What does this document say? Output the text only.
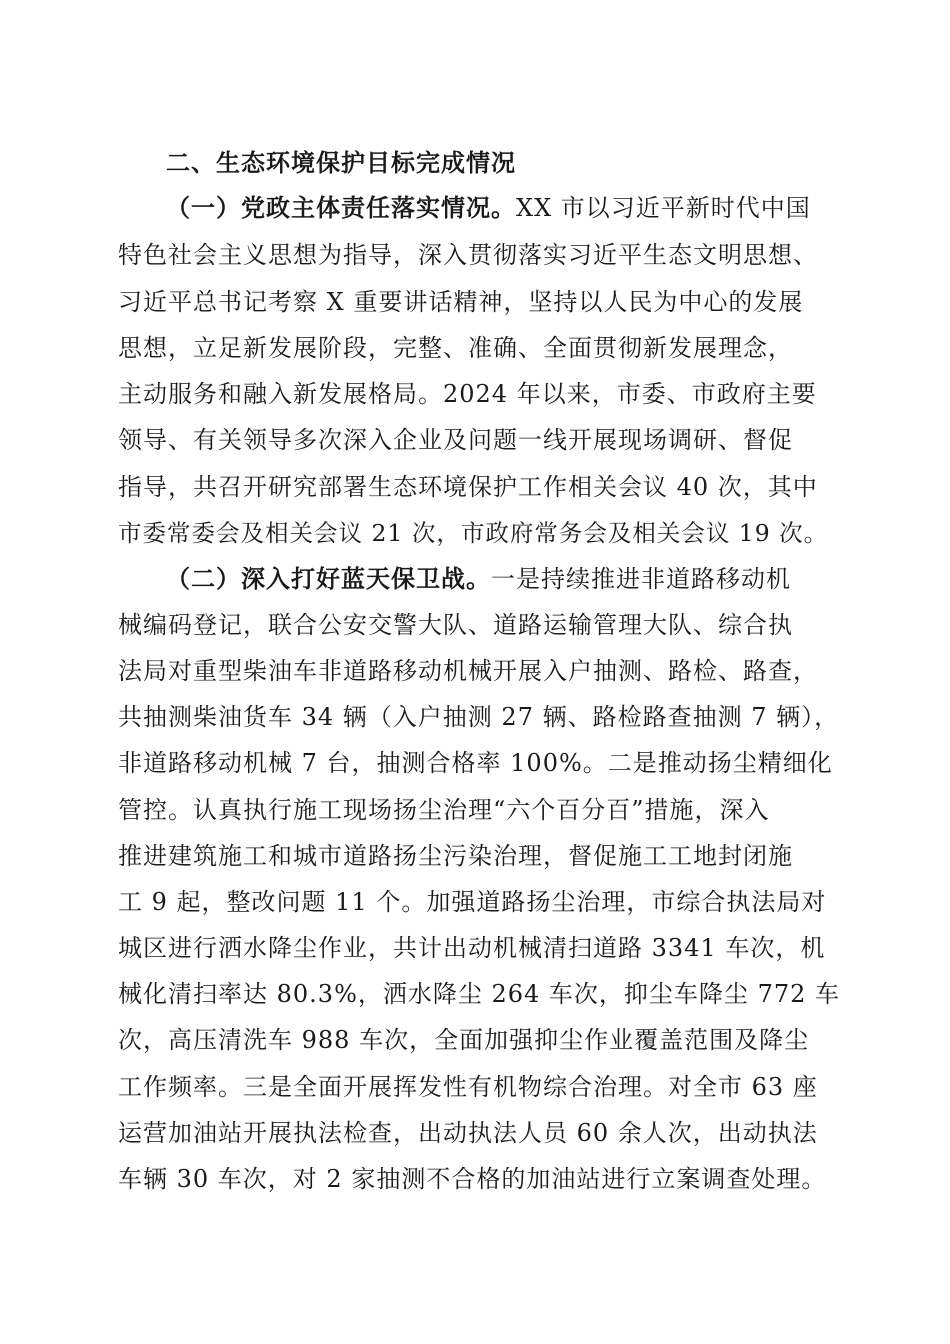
二、生态环境保护目标完成情况
（一）党政主体责任落实情况。XX 市以习近平新时代中国
特色社会主义思想为指导，深入贯彻落实习近平生态文明思想、
习近平总书记考察 X 重要讲话精神，坚持以人民为中心的发展
思想，立足新发展阶段，完整、准确、全面贯彻新发展理念，
主动服务和融入新发展格局。2024 年以来，市委、市政府主要
领导、有关领导多次深入企业及问题一线开展现场调研、督促
指导，共召开研究部署生态环境保护工作相关会议 40 次，其中
市委常委会及相关会议 21 次，市政府常务会及相关会议 19 次。
（二）深入打好蓝天保卫战。一是持续推进非道路移动机
械编码登记，联合公安交警大队、道路运输管理大队、综合执
法局对重型柴油车非道路移动机械开展入户抽测、路检、路查，
共抽测柴油货车 34 辆（入户抽测 27 辆、路检路查抽测 7 辆），
非道路移动机械 7 台，抽测合格率 100%。二是推动扬尘精细化
管控。认真执行施工现场扬尘治理“六个百分百”措施，深入
推进建筑施工和城市道路扬尘污染治理，督促施工工地封闭施
工 9 起，整改问题 11 个。加强道路扬尘治理，市综合执法局对
城区进行洒水降尘作业，共计出动机械清扫道路 3341 车次，机
械化清扫率达 80.3%，洒水降尘 264 车次，抑尘车降尘 772 车
次，高压清洗车 988 车次，全面加强抑尘作业覆盖范围及降尘
工作频率。三是全面开展挥发性有机物综合治理。对全市 63 座
运营加油站开展执法检查，出动执法人员 60 余人次，出动执法
车辆 30 车次，对 2 家抽测不合格的加油站进行立案调查处理。
